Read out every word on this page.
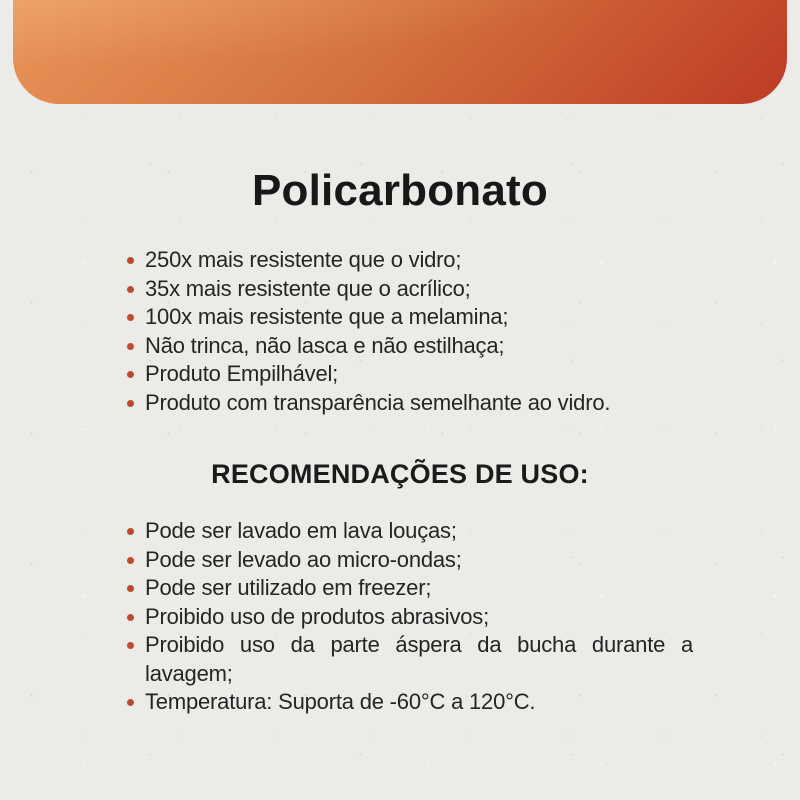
Policarbonato
250x mais resistente que o vidro;
35x mais resistente que o acrílico;
100x mais resistente que a melamina;
Não trinca, não lasca e não estilhaça;
Produto Empilhável;
Produto com transparência semelhante ao vidro.
RECOMENDAÇÕES DE USO:
Pode ser lavado em lava louças;
Pode ser levado ao micro-ondas;
Pode ser utilizado em freezer;
Proibido uso de produtos abrasivos;
Proibido uso da parte áspera da bucha durante a lavagem;
Temperatura: Suporta de -60°C a 120°C.
